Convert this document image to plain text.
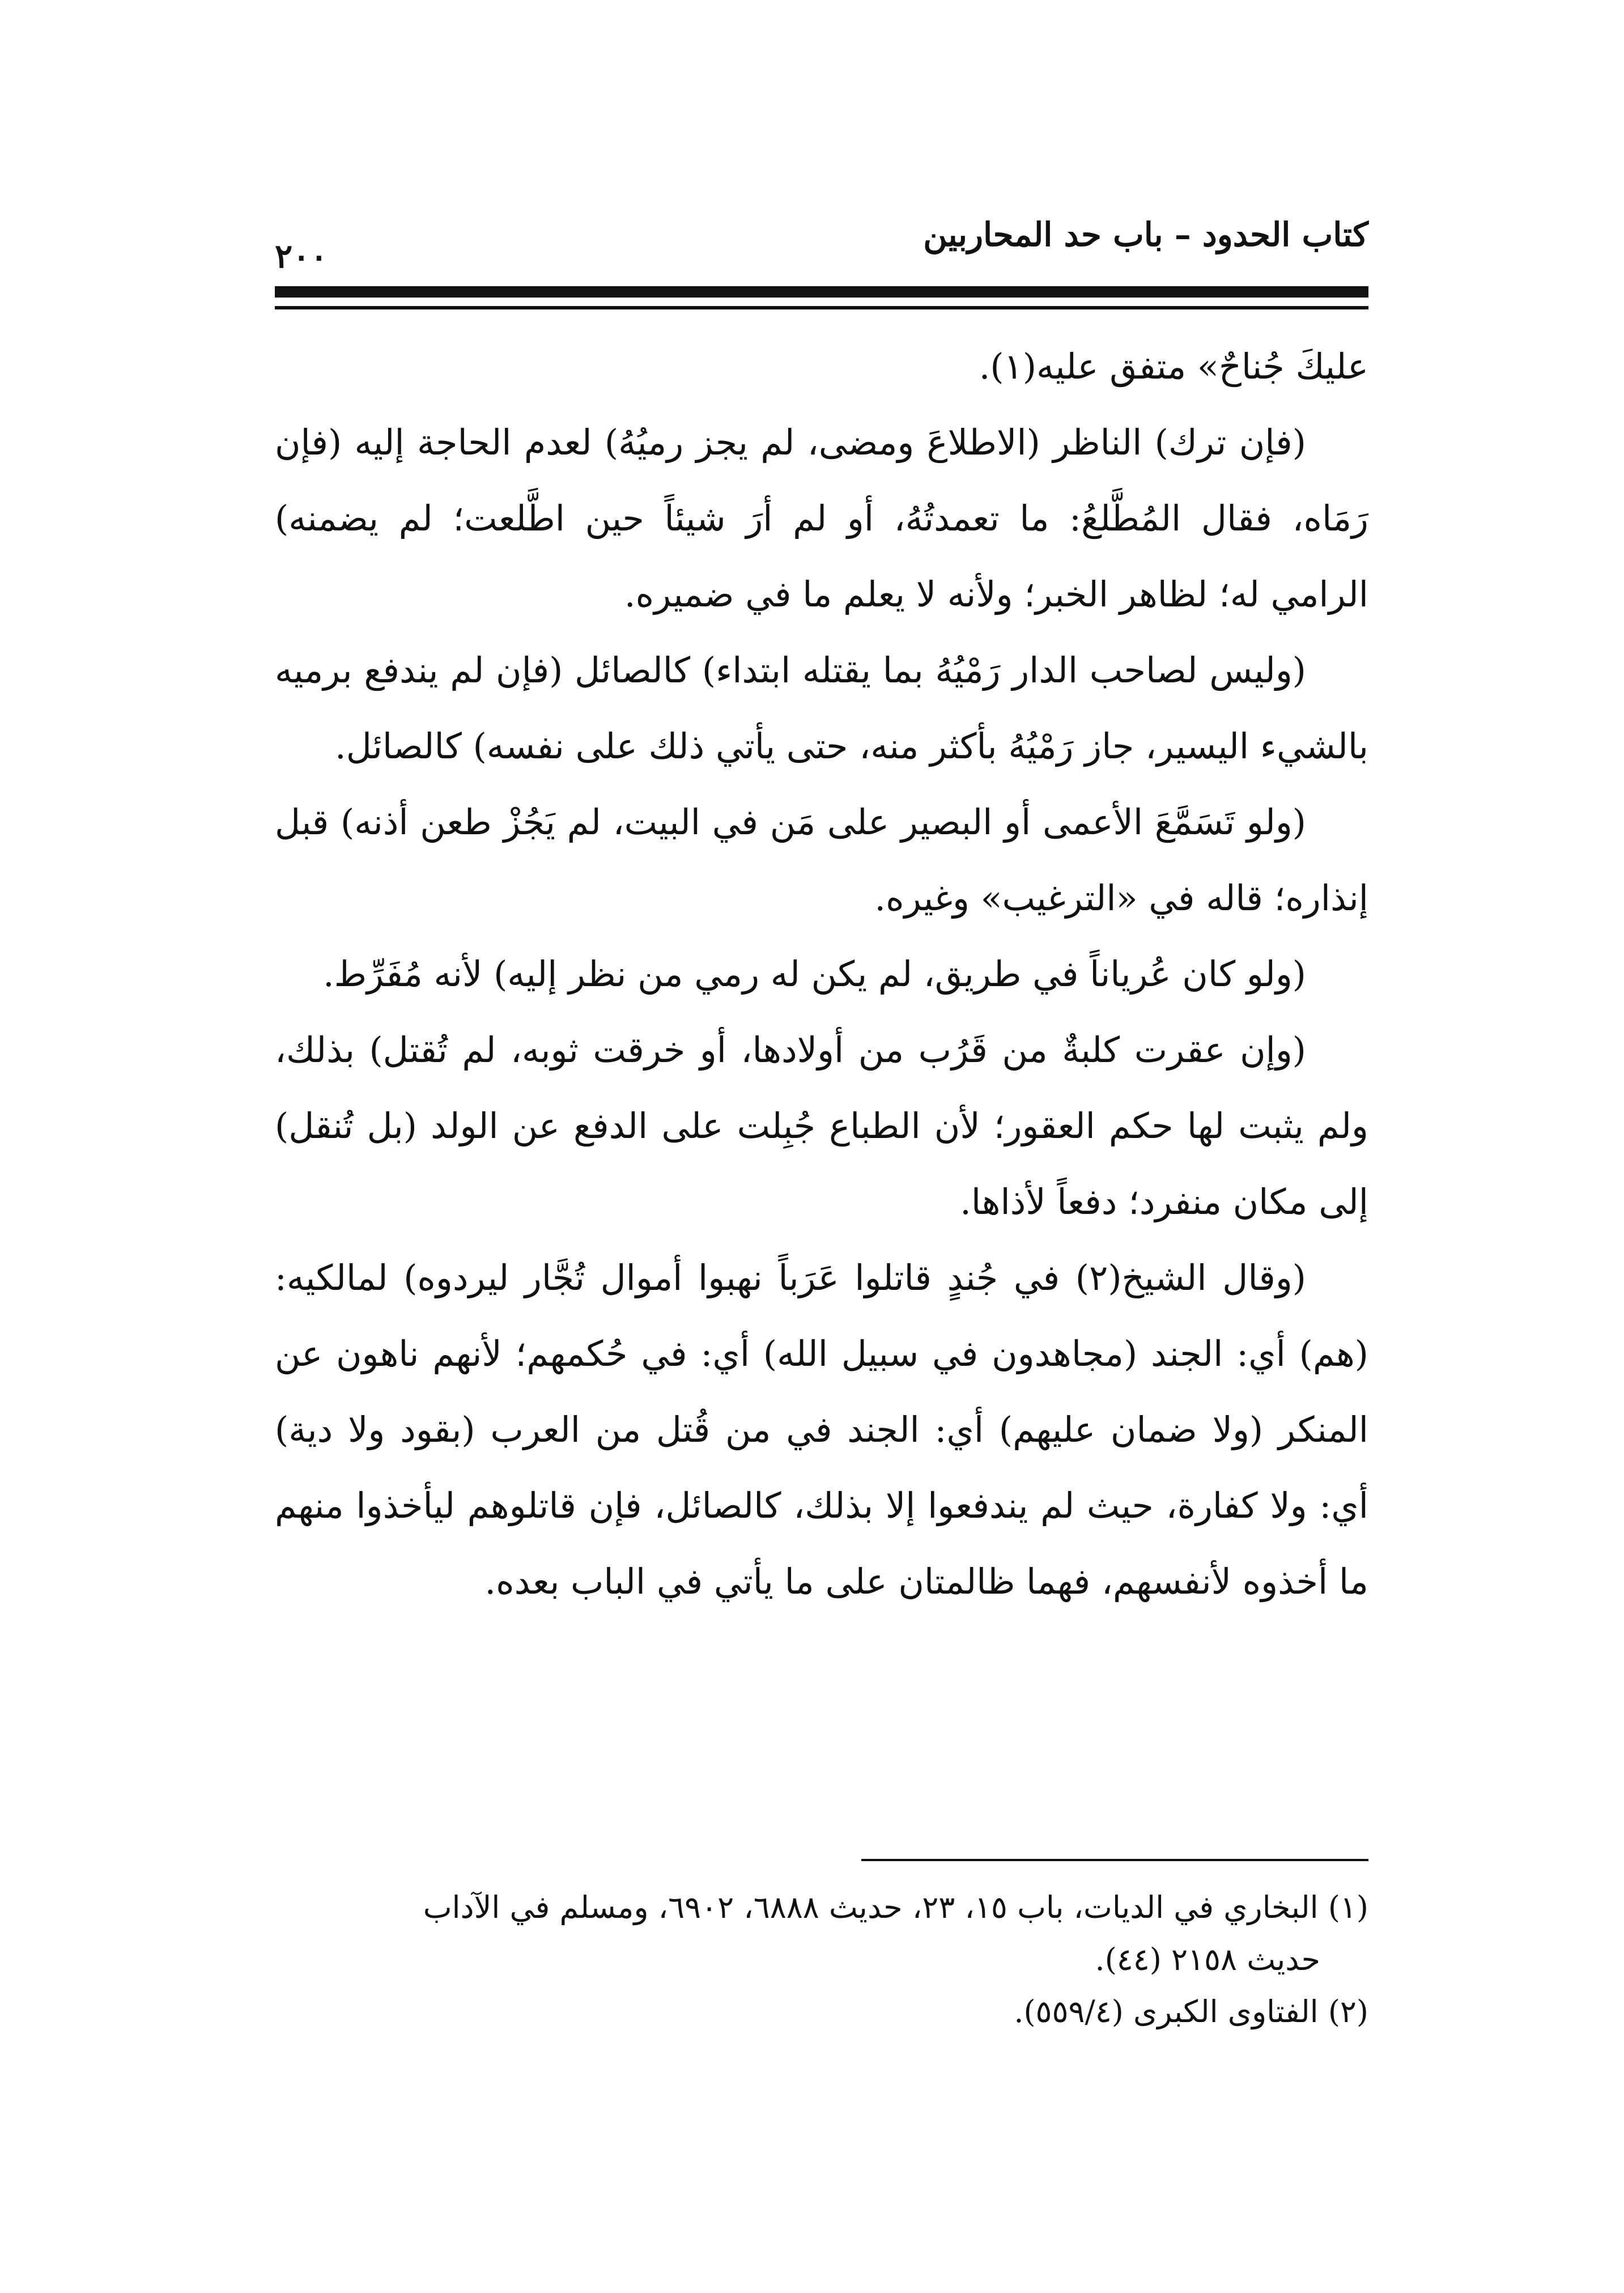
كتاب الحدود – باب حد المحاربين
٢٠٠

عليكَ جُناحٌ» متفق عليه(١).

(فإن ترك) الناظر (الاطلاعَ ومضى، لم يجز رميُهُ) لعدم الحاجة إليه (فإن رَمَاه، فقال المُطَّلعُ: ما تعمدتُهُ، أو لم أرَ شيئاً حين اطَّلعت؛ لم يضمنه) الرامي له؛ لظاهر الخبر؛ ولأنه لا يعلم ما في ضميره.

(وليس لصاحب الدار رَمْيُهُ بما يقتله ابتداء) كالصائل (فإن لم يندفع برميه بالشيء اليسير، جاز رَمْيُهُ بأكثر منه، حتى يأتي ذلك على نفسه) كالصائل.

(ولو تَسَمَّعَ الأعمى أو البصير على مَن في البيت، لم يَجُزْ طعن أذنه) قبل إنذاره؛ قاله في «الترغيب» وغيره.

(ولو كان عُرياناً في طريق، لم يكن له رمي من نظر إليه) لأنه مُفَرِّط.

(وإن عقرت كلبةٌ من قَرُب من أولادها، أو خرقت ثوبه، لم تُقتل) بذلك، ولم يثبت لها حكم العقور؛ لأن الطباع جُبِلت على الدفع عن الولد (بل تُنقل) إلى مكان منفرد؛ دفعاً لأذاها.

(وقال الشيخ(٢) في جُندٍ قاتلوا عَرَباً نهبوا أموال تُجَّار ليردوه) لمالكيه: (هم) أي: الجند (مجاهدون في سبيل الله) أي: في حُكمهم؛ لأنهم ناهون عن المنكر (ولا ضمان عليهم) أي: الجند في من قُتل من العرب (بقود ولا دية) أي: ولا كفارة، حيث لم يندفعوا إلا بذلك، كالصائل، فإن قاتلوهم ليأخذوا منهم ما أخذوه لأنفسهم، فهما ظالمتان على ما يأتي في الباب بعده.

(١) البخاري في الديات، باب ١٥، ٢٣، حديث ٦٨٨٨، ٦٩٠٢، ومسلم في الآداب

حديث ٢١٥٨ (٤٤).

(٢) الفتاوى الكبرى (٥٥٩/٤).
